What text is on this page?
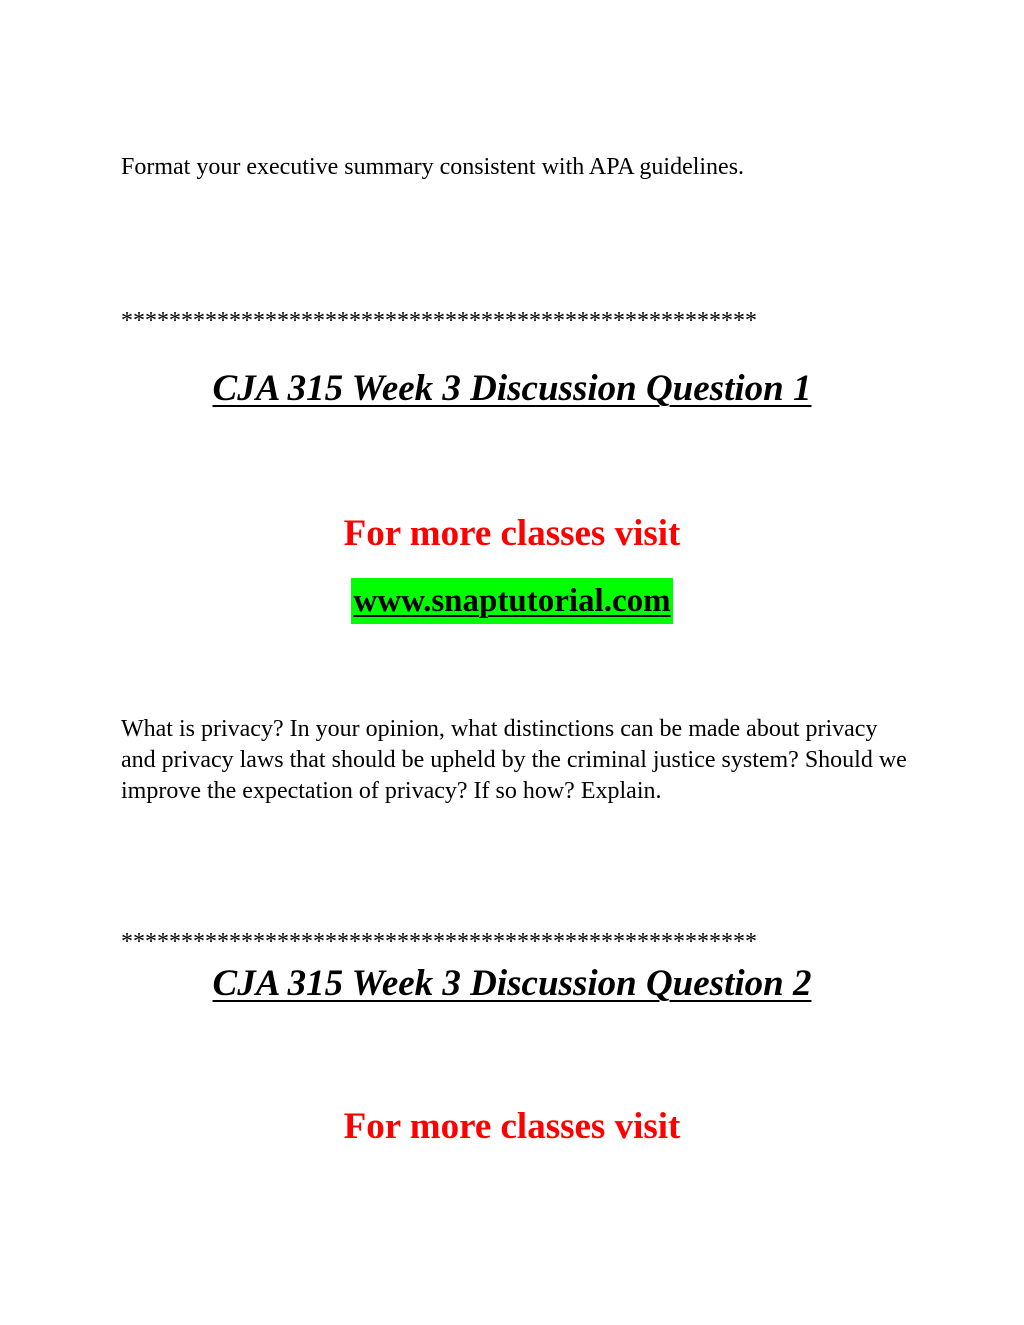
Format your executive summary consistent with APA guidelines.

*****************************************************
CJA 315 Week 3 Discussion Question 1
For more classes visit
www.snaptutorial.com

What is privacy? In your opinion, what distinctions can be made about privacy and privacy laws that should be upheld by the criminal justice system? Should we improve the expectation of privacy? If so how? Explain.

*****************************************************
CJA 315 Week 3 Discussion Question 2
For more classes visit
